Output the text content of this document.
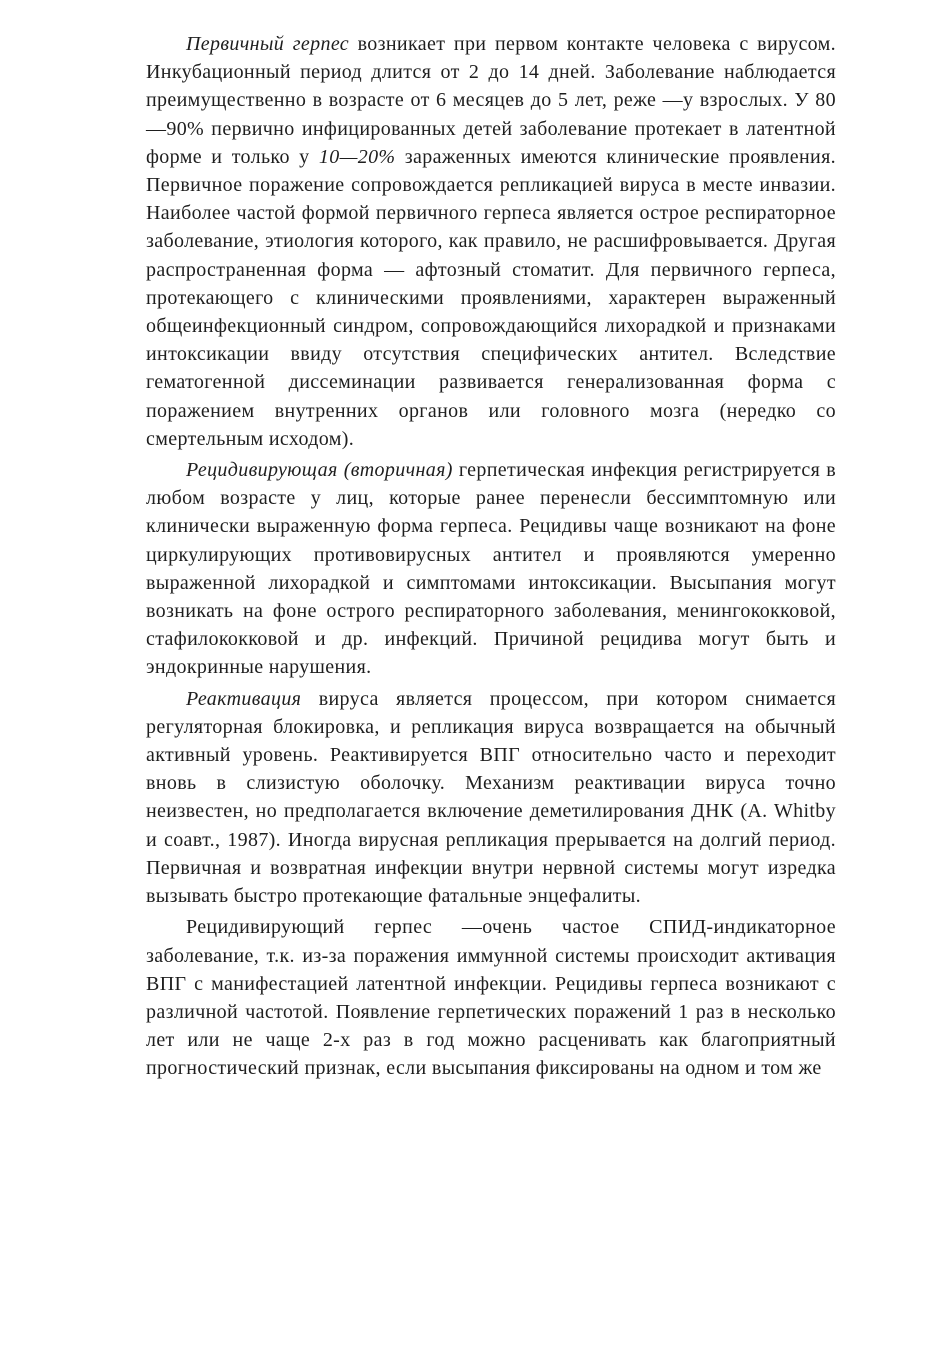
Первичный герпес возникает при первом контакте человека с вирусом. Инкубационный период длится от 2 до 14 дней. Заболевание наблюдается преимущественно в возрасте от 6 месяцев до 5 лет, реже —у взрослых. У 80—90% первично инфицированных детей заболевание протекает в латентной форме и только у 10—20% зараженных имеются клинические проявления. Первичное поражение сопровождается репликацией вируса в месте инвазии. Наиболее частой формой первичного герпеса является острое респираторное заболевание, этиология которого, как правило, не расшифровывается. Другая распространенная форма — афтозный стоматит. Для первичного герпеса, протекающего с клиническими проявлениями, характерен выраженный общеинфекционный синдром, сопровождающийся лихорадкой и признаками интоксикации ввиду отсутствия специфических антител. Вследствие гематогенной диссеминации развивается генерализованная форма с поражением внутренних органов или головного мозга (нередко со смертельным исходом).

Рецидивирующая (вторичная) герпетическая инфекция регистрируется в любом возрасте у лиц, которые ранее перенесли бессимптомную или клинически выраженную форма герпеса. Рецидивы чаще возникают на фоне циркулирующих противовирусных антител и проявляются умеренно выраженной лихорадкой и симптомами интоксикации. Высыпания могут возникать на фоне острого респираторного заболевания, менингококковой, стафилококковой и др. инфекций. Причиной рецидива могут быть и эндокринные нарушения.

Реактивация вируса является процессом, при котором снимается регуляторная блокировка, и репликация вируса возвращается на обычный активный уровень. Реактивируется ВПГ относительно часто и переходит вновь в слизистую оболочку. Механизм реактивации вируса точно неизвестен, но предполагается включение деметилирования ДНК (A. Whitby и соавт., 1987). Иногда вирусная репликация прерывается на долгий период. Первичная и возвратная инфекции внутри нервной системы могут изредка вызывать быстро протекающие фатальные энцефалиты.

Рецидивирующий герпес —очень частое СПИД-индикаторное заболевание, т.к. из-за поражения иммунной системы происходит активация ВПГ с манифестацией латентной инфекции. Рецидивы герпеса возникают с различной частотой. Появление герпетических поражений 1 раз в несколько лет или не чаще 2-х раз в год можно расценивать как благоприятный прогностический признак, если высыпания фиксированы на одном и том же
